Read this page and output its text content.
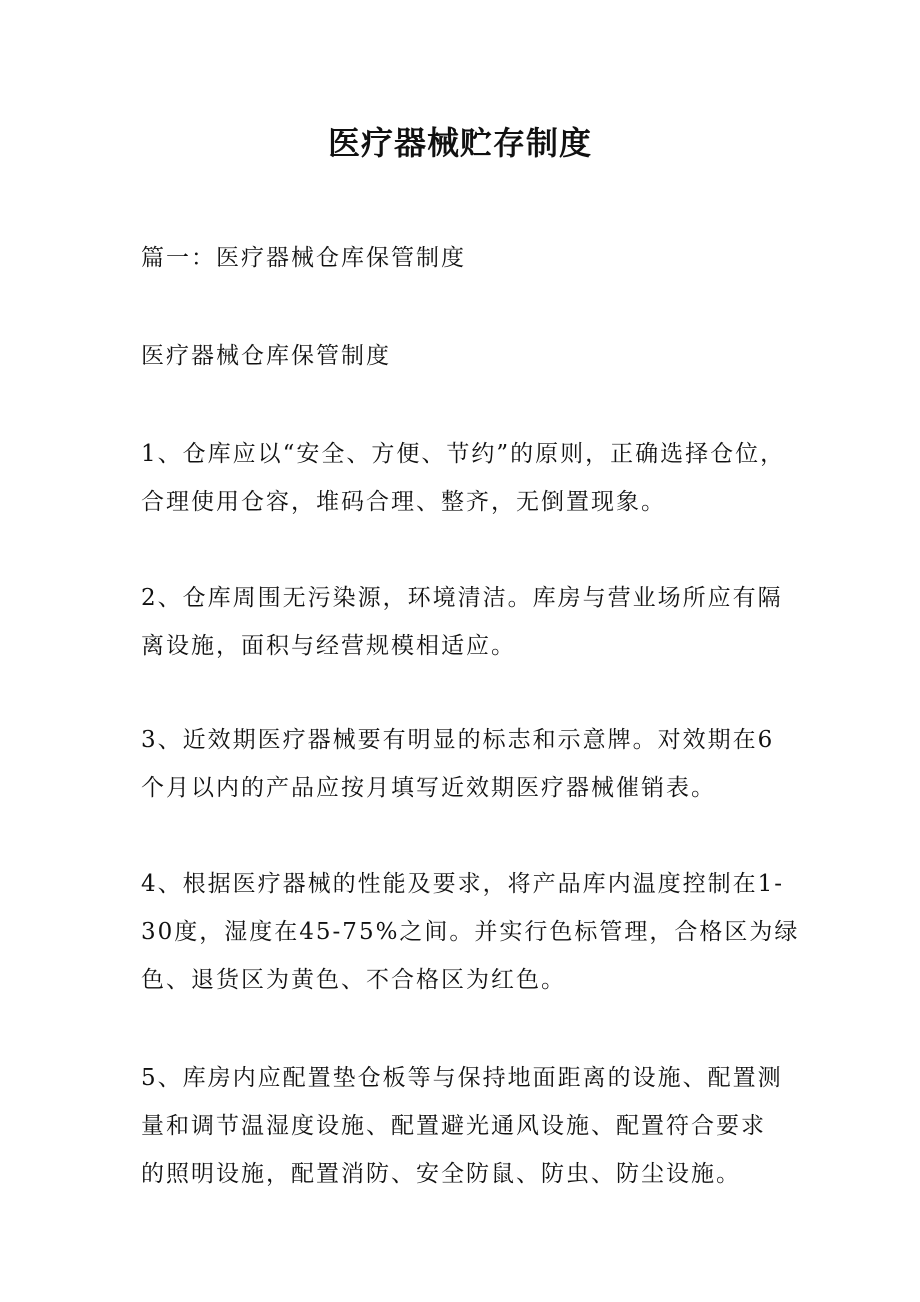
医疗器械贮存制度
篇一：医疗器械仓库保管制度
医疗器械仓库保管制度
1、仓库应以“安全、方便、节约”的原则，正确选择仓位，
合理使用仓容，堆码合理、整齐，无倒置现象。
2、仓库周围无污染源，环境清洁。库房与营业场所应有隔
离设施，面积与经营规模相适应。
3、近效期医疗器械要有明显的标志和示意牌。对效期在6
个月以内的产品应按月填写近效期医疗器械催销表。
4、根据医疗器械的性能及要求，将产品库内温度控制在1-
30度，湿度在45-75%之间。并实行色标管理，合格区为绿
色、退货区为黄色、不合格区为红色。
5、库房内应配置垫仓板等与保持地面距离的设施、配置测
量和调节温湿度设施、配置避光通风设施、配置符合要求
的照明设施，配置消防、安全防鼠、防虫、防尘设施。
